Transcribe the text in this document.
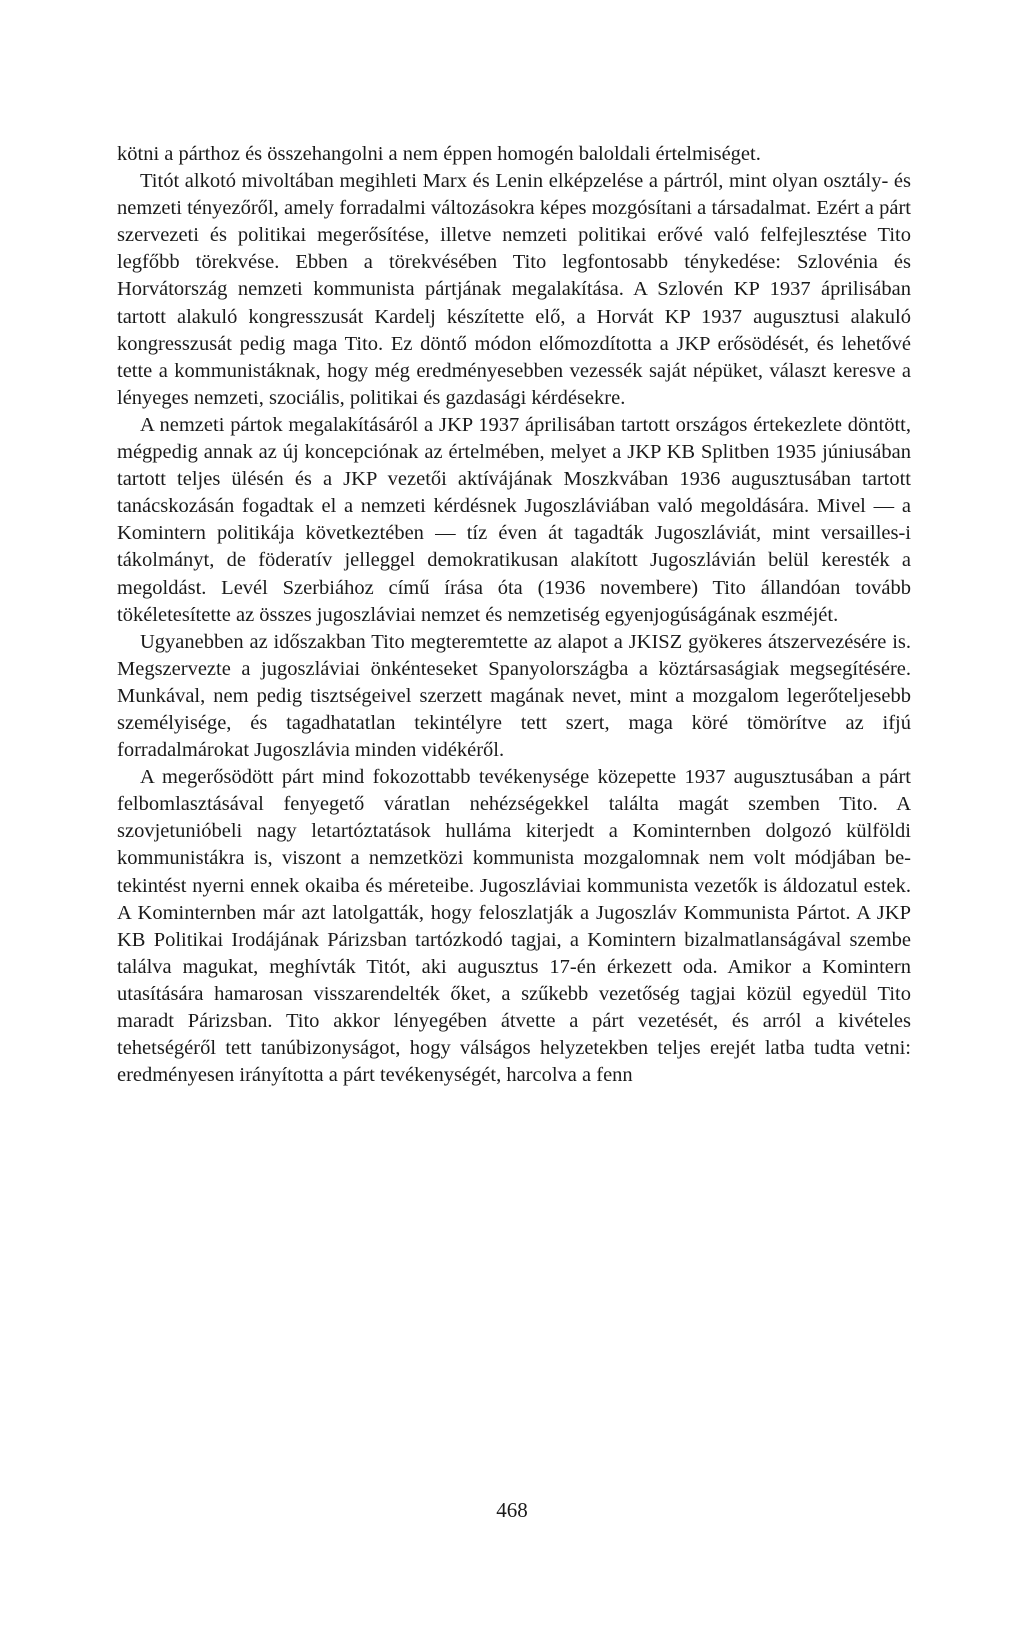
kötni a párthoz és összehangolni a nem éppen homogén baloldali értelmiséget.

Titót alkotó mivoltában megihleti Marx és Lenin elképzelése a pártról, mint olyan osztály- és nemzeti tényezőről, amely forradalmi változásokra képes mozgósítani a társadalmat. Ezért a párt szervezeti és politikai megerősítése, illetve nemzeti politikai erővé való felfejlesztése Tito legfőbb törekvése. Ebben a törekvésében Tito legfontosabb ténykedése: Szlovénia és Horvátország nemzeti kommunista pártjának megalakítása. A Szlovén KP 1937 áprilisában tartott alakuló kongresszusát Kardelj készítette elő, a Horvát KP 1937 augusztusi alakuló kongresszusát pedig maga Tito. Ez döntő módon előmozdította a JKP erősödését, és lehetővé tette a kommunistáknak, hogy még eredményesebben vezessék saját népüket, választ keresve a lényeges nemzeti, szociális, politikai és gazdasági kérdésekre.

A nemzeti pártok megalakításáról a JKP 1937 áprilisában tartott országos értekezlete döntött, mégpedig annak az új koncepciónak az értelmében, melyet a JKP KB Splitben 1935 júniusában tartott teljes ülésén és a JKP vezetői aktívájának Moszkvában 1936 augusztusában tartott tanácskozásán fogadtak el a nemzeti kérdésnek Jugoszláviában való megoldására. Mivel — a Komintern politikája következtében — tíz éven át tagadták Jugoszláviát, mint versailles-i tákolmányt, de föderatív jelleggel demokratikusan alakított Jugoszlávián belül keresték a megoldást. Levél Szerbiához című írása óta (1936 novembere) Tito állandóan tovább tökéletesítette az összes jugoszláviai nemzet és nemzetiség egyenjogúságának eszméjét.

Ugyanebben az időszakban Tito megteremtette az alapot a JKISZ gyökeres átszervezésére is. Megszervezte a jugoszláviai önkénteseket Spanyolországba a köztársaságiak megsegítésére. Munkával, nem pedig tisztségeivel szerzett magának nevet, mint a mozgalom legerőteljesebb személyisége, és tagadhatatlan tekintélyre tett szert, maga köré tömörítve az ifjú forradalmárokat Jugoszlávia minden vidékéről.

A megerősödött párt mind fokozottabb tevékenysége közepette 1937 augusztusában a párt felbomlasztásával fenyegető váratlan nehézségekkel találta magát szemben Tito. A szovjetunióbeli nagy letartóztatások hulláma kiterjedt a Kominternben dolgozó külföldi kommunistákra is, viszont a nemzetközi kommunista mozgalomnak nem volt módjában betekintést nyerni ennek okaiba és méreteibe. Jugoszláviai kommunista vezetők is áldozatul estek. A Kominternben már azt latolgatták, hogy feloszlatják a Jugoszláv Kommunista Pártot. A JKP KB Politikai Irodájának Párizsban tartózkodó tagjai, a Komintern bizalmatlanságával szembe találva magukat, meghívták Titót, aki augusztus 17-én érkezett oda. Amikor a Komintern utasítására hamarosan visszarendelték őket, a szűkebb vezetőség tagjai közül egyedül Tito maradt Párizsban. Tito akkor lényegében átvette a párt vezetését, és arról a kivételes tehetségéről tett tanúbizonyságot, hogy válságos helyzetekben teljes erejét latba tudta vetni: eredményesen irányította a párt tevékenységét, harcolva a fenn

468
